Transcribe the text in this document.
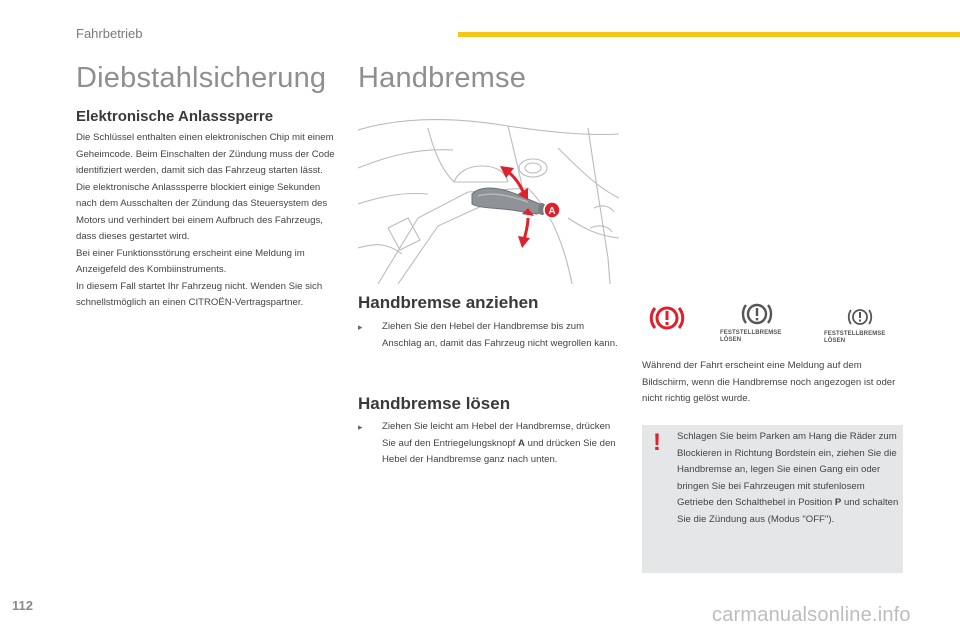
Fahrbetrieb
Diebstahlsicherung Handbremse
Elektronische Anlasssperre

Die Schlüssel enthalten einen elektronischen Chip mit einem Geheimcode. Beim Einschalten der Zündung muss der Code identifiziert werden, damit sich das Fahrzeug starten lässt.

Die elektronische Anlasssperre blockiert einige Sekunden nach dem Ausschalten der Zündung das Steuersystem des Motors und verhindert bei einem Aufbruch des Fahrzeugs, dass dieses gestartet wird.

Bei einer Funktionsstörung erscheint eine Meldung im Anzeigefeld des Kombiinstruments.

In diesem Fall startet Ihr Fahrzeug nicht. Wenden Sie sich schnellstmöglich an einen CITROËN-Vertragspartner.

A
Handbremse anziehen
▸ Ziehen Sie den Hebel der Handbremse bis zum Anschlag an, damit das Fahrzeug nicht wegrollen kann.
Handbremse lösen
▸ Ziehen Sie leicht am Hebel der Handbremse, drücken Sie auf den Entriegelungsknopf A und drücken Sie den Hebel der Handbremse ganz nach unten.
FESTSTELLBREMSE
LÖSEN
FESTSTELLBREMSE LÖSEN
Während der Fahrt erscheint eine Meldung auf dem Bildschirm, wenn die Handbremse noch angezogen ist oder nicht richtig gelöst wurde.
! Schlagen Sie beim Parken am Hang die Räder zum Blockieren in Richtung Bordstein ein, ziehen Sie die Handbremse an, legen Sie einen Gang ein oder bringen Sie bei Fahrzeugen mit stufenlosem Getriebe den Schalthebel in Position P und schalten Sie die Zündung aus (Modus "OFF").
112	carmanualsonline.info
